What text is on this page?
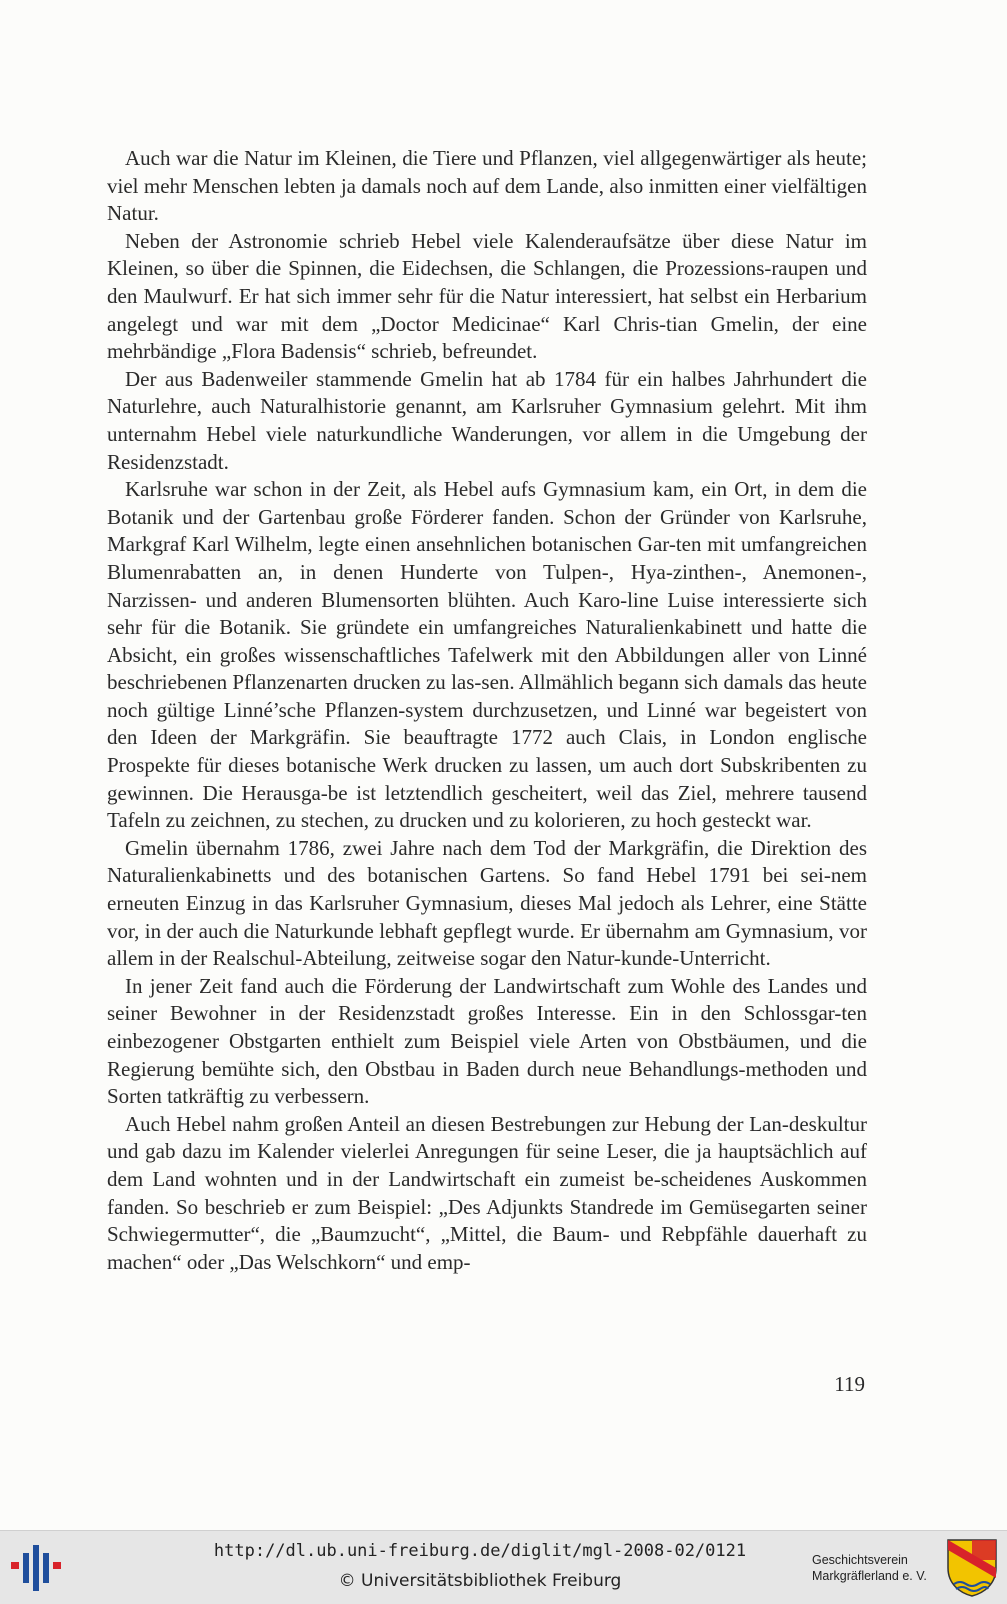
Auch war die Natur im Kleinen, die Tiere und Pflanzen, viel allgegenwärtiger als heute; viel mehr Menschen lebten ja damals noch auf dem Lande, also inmitten einer vielfältigen Natur.

Neben der Astronomie schrieb Hebel viele Kalenderaufsätze über diese Natur im Kleinen, so über die Spinnen, die Eidechsen, die Schlangen, die Prozessions-raupen und den Maulwurf. Er hat sich immer sehr für die Natur interessiert, hat selbst ein Herbarium angelegt und war mit dem „Doctor Medicinae“ Karl Chris-tian Gmelin, der eine mehrbändige „Flora Badensis“ schrieb, befreundet.

Der aus Badenweiler stammende Gmelin hat ab 1784 für ein halbes Jahrhundert die Naturlehre, auch Naturalhistorie genannt, am Karlsruher Gymnasium gelehrt. Mit ihm unternahm Hebel viele naturkundliche Wanderungen, vor allem in die Umgebung der Residenzstadt.

Karlsruhe war schon in der Zeit, als Hebel aufs Gymnasium kam, ein Ort, in dem die Botanik und der Gartenbau große Förderer fanden. Schon der Gründer von Karlsruhe, Markgraf Karl Wilhelm, legte einen ansehnlichen botanischen Gar-ten mit umfangreichen Blumenrabatten an, in denen Hunderte von Tulpen-, Hya-zinthen-, Anemonen-, Narzissen- und anderen Blumensorten blühten. Auch Karo-line Luise interessierte sich sehr für die Botanik. Sie gründete ein umfangreiches Naturalienkabinett und hatte die Absicht, ein großes wissenschaftliches Tafelwerk mit den Abbildungen aller von Linné beschriebenen Pflanzenarten drucken zu las-sen. Allmählich begann sich damals das heute noch gültige Linné’sche Pflanzen-system durchzusetzen, und Linné war begeistert von den Ideen der Markgräfin. Sie beauftragte 1772 auch Clais, in London englische Prospekte für dieses botanische Werk drucken zu lassen, um auch dort Subskribenten zu gewinnen. Die Herausga-be ist letztendlich gescheitert, weil das Ziel, mehrere tausend Tafeln zu zeichnen, zu stechen, zu drucken und zu kolorieren, zu hoch gesteckt war.

Gmelin übernahm 1786, zwei Jahre nach dem Tod der Markgräfin, die Direktion des Naturalienkabinetts und des botanischen Gartens. So fand Hebel 1791 bei sei-nem erneuten Einzug in das Karlsruher Gymnasium, dieses Mal jedoch als Lehrer, eine Stätte vor, in der auch die Naturkunde lebhaft gepflegt wurde. Er übernahm am Gymnasium, vor allem in der Realschul-Abteilung, zeitweise sogar den Natur-kunde-Unterricht.

In jener Zeit fand auch die Förderung der Landwirtschaft zum Wohle des Landes und seiner Bewohner in der Residenzstadt großes Interesse. Ein in den Schlossgar-ten einbezogener Obstgarten enthielt zum Beispiel viele Arten von Obstbäumen, und die Regierung bemühte sich, den Obstbau in Baden durch neue Behandlungs-methoden und Sorten tatkräftig zu verbessern.

Auch Hebel nahm großen Anteil an diesen Bestrebungen zur Hebung der Lan-deskultur und gab dazu im Kalender vielerlei Anregungen für seine Leser, die ja hauptsächlich auf dem Land wohnten und in der Landwirtschaft ein zumeist be-scheidenes Auskommen fanden. So beschrieb er zum Beispiel: „Des Adjunkts Standrede im Gemüsegarten seiner Schwiegermutter“, die „Baumzucht“, „Mittel, die Baum- und Rebpfähle dauerhaft zu machen“ oder „Das Welschkorn“ und emp-

119
http://dl.ub.uni-freiburg.de/diglit/mgl-2008-02/0121
© Universitätsbibliothek Freiburg
Geschichtsverein
Markgräflerland e. V.
